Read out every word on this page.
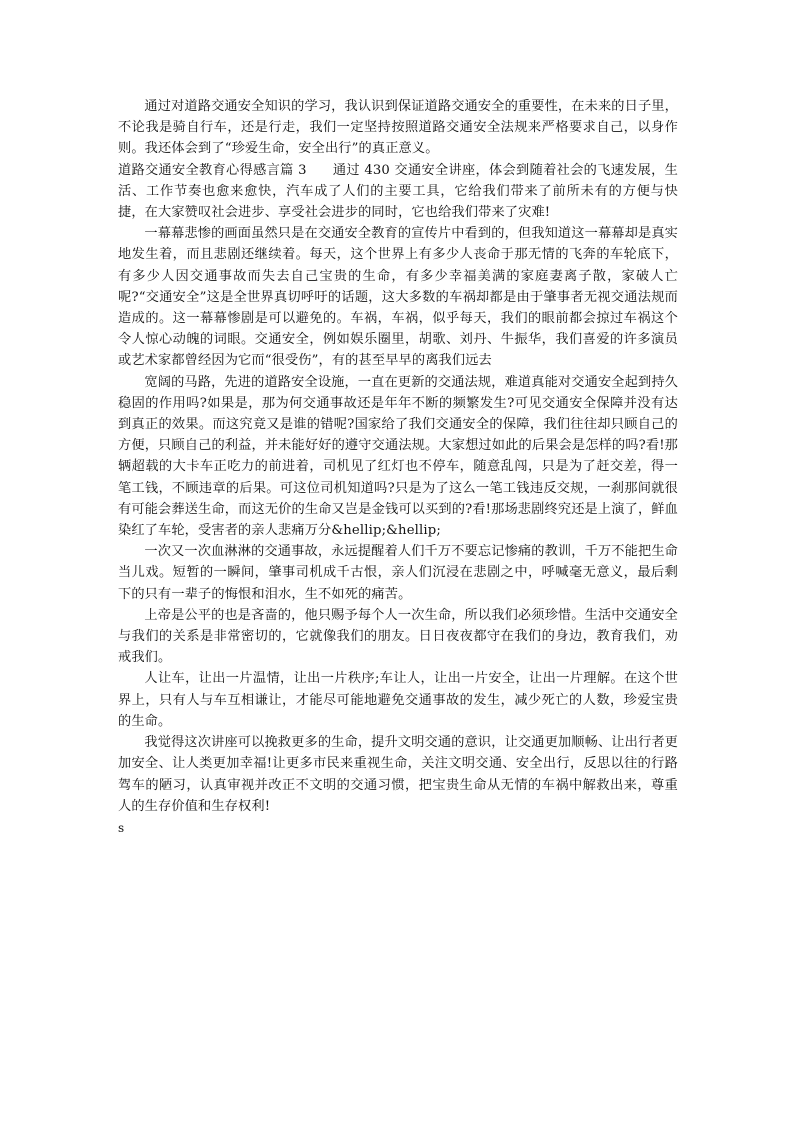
通过对道路交通安全知识的学习，我认识到保证道路交通安全的重要性，在未来的日子里，不论我是骑自行车，还是行走，我们一定坚持按照道路交通安全法规来严格要求自己，以身作则。我还体会到了“珍爱生命，安全出行”的真正意义。

道路交通安全教育心得感言篇 3 通过 430 交通安全讲座，体会到随着社会的飞速发展，生活、工作节奏也愈来愈快，汽车成了人们的主要工具，它给我们带来了前所未有的方便与快捷，在大家赞叹社会进步、享受社会进步的同时，它也给我们带来了灾难!

一幕幕悲惨的画面虽然只是在交通安全教育的宣传片中看到的，但我知道这一幕幕却是真实地发生着，而且悲剧还继续着。每天，这个世界上有多少人丧命于那无情的飞奔的车轮底下，有多少人因交通事故而失去自己宝贵的生命，有多少幸福美满的家庭妻离子散，家破人亡呢?“交通安全”这是全世界真切呼吁的话题，这大多数的车祸却都是由于肇事者无视交通法规而造成的。这一幕幕惨剧是可以避免的。车祸，车祸，似乎每天，我们的眼前都会掠过车祸这个令人惊心动魄的词眼。交通安全，例如娱乐圈里，胡歌、刘丹、牛振华，我们喜爱的许多演员或艺术家都曾经因为它而“很受伤”，有的甚至早早的离我们远去

宽阔的马路，先进的道路安全设施，一直在更新的交通法规，难道真能对交通安全起到持久稳固的作用吗?如果是，那为何交通事故还是年年不断的频繁发生?可见交通安全保障并没有达到真正的效果。而这究竟又是谁的错呢?国家给了我们交通安全的保障，我们往往却只顾自己的方便，只顾自己的利益，并未能好好的遵守交通法规。大家想过如此的后果会是怎样的吗?看!那辆超载的大卡车正吃力的前进着，司机见了红灯也不停车，随意乱闯，只是为了赶交差，得一笔工钱，不顾违章的后果。可这位司机知道吗?只是为了这么一笔工钱违反交规，一刹那间就很有可能会葬送生命，而这无价的生命又岂是金钱可以买到的?看!那场悲剧终究还是上演了，鲜血染红了车轮，受害者的亲人悲痛万分&hellip;&hellip;

一次又一次血淋淋的交通事故，永远提醒着人们千万不要忘记惨痛的教训，千万不能把生命当儿戏。短暂的一瞬间，肇事司机成千古恨，亲人们沉浸在悲剧之中，呼喊毫无意义，最后剩下的只有一辈子的悔恨和泪水，生不如死的痛苦。

上帝是公平的也是吝啬的，他只赐予每个人一次生命，所以我们必须珍惜。生活中交通安全与我们的关系是非常密切的，它就像我们的朋友。日日夜夜都守在我们的身边，教育我们，劝戒我们。

人让车，让出一片温情，让出一片秩序;车让人，让出一片安全，让出一片理解。在这个世界上，只有人与车互相谦让，才能尽可能地避免交通事故的发生，减少死亡的人数，珍爱宝贵的生命。

我觉得这次讲座可以挽救更多的生命，提升文明交通的意识，让交通更加顺畅、让出行者更加安全、让人类更加幸福!让更多市民来重视生命，关注文明交通、安全出行，反思以往的行路驾车的陋习，认真审视并改正不文明的交通习惯，把宝贵生命从无情的车祸中解救出来，尊重人的生存价值和生存权利!

s
